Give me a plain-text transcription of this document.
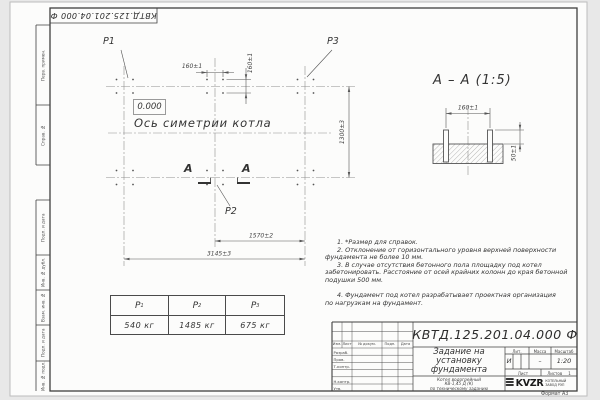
160±1	160±1
1300±3
1570±2
3145±3
160±1
50±1
КВТД.125.201.04.000 Ф
Перв. примен.
Справ. №
Подп. и дата
Инв. № дубл.
Взам. инв. №
Подп. и дата
Инв. № подл.
P1	P3
P2
0.000
Ось симетрии котла
А	А
А – А (1:5)
1. *Размер для справок.
2. Отклонение от горизонтального уровня верхней поверхности
фундамента не более 10 мм.
3. В случае отсутствия бетонного пола площадку под котел
забетонировать. Расстояние от осей крайних колонн до края бетонной
подушки 500 мм.
4. Фундамент под котел разрабатывает проектная организация
по нагрузкам на фундамент.
P 1	P 2	P 3
540 кг	1485 кг	675 кг
КВТД.125.201.04.000 Ф
Задание на установку фундамента
Котел водогрейный
КВ-1,45 Д (К)
по техническому заданию
Изм. Лист	№ докум.	Подп.	Дата
Разраб.
Пров.
Т.контр.
Н.контр.
Утв.
Лит.	Масса	Масштаб
И	–	1:20
Лист	Листов 1
KVZR КОТЕЛЬНЫЙ
ЗАВОД РЭП
Формат А3
